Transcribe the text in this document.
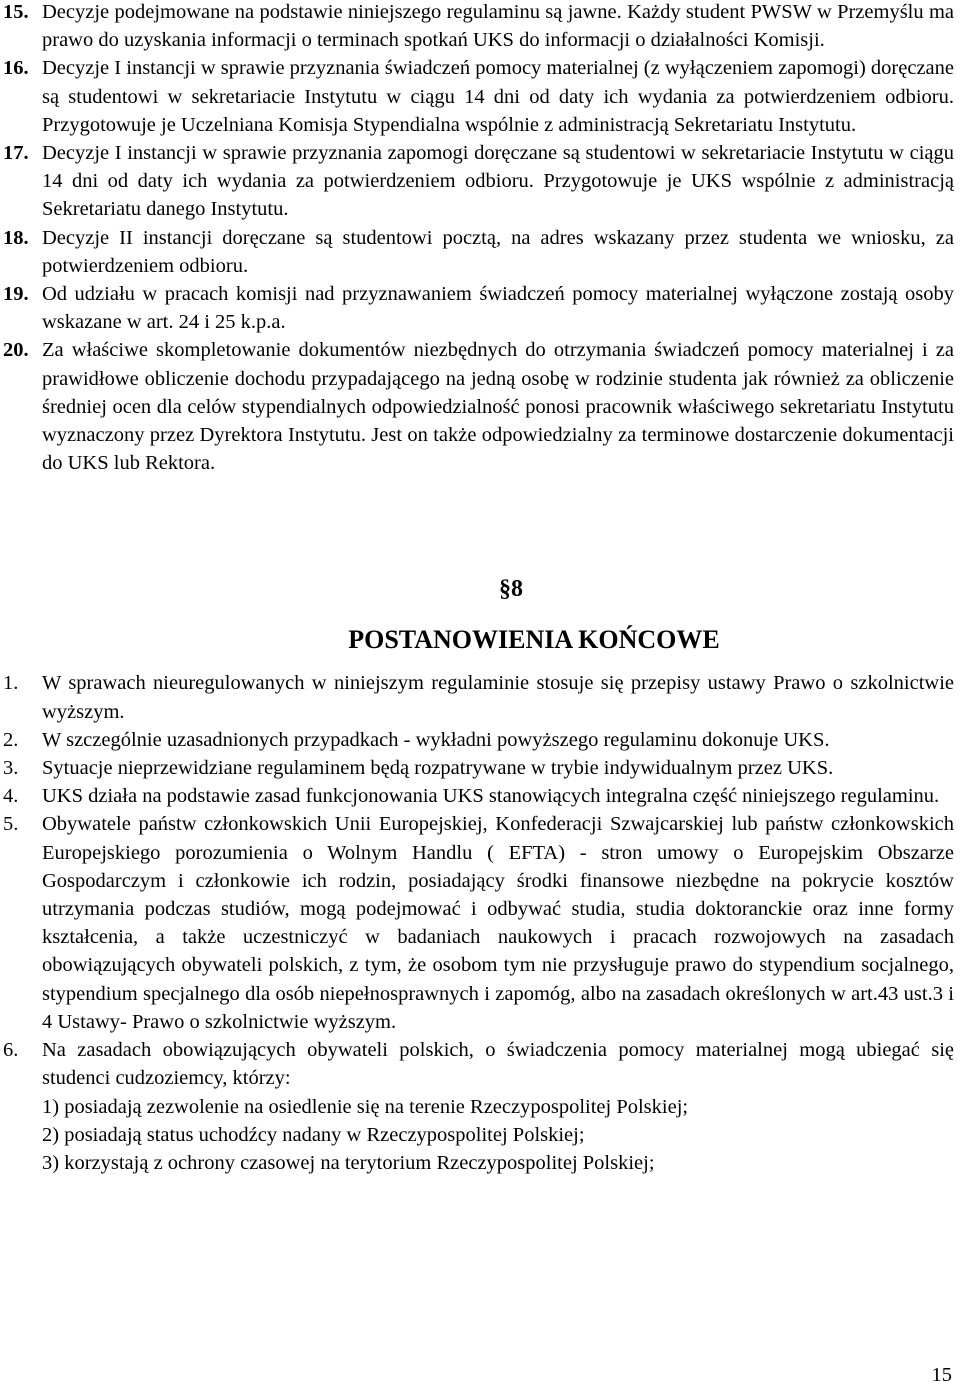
15. Decyzje podejmowane na podstawie niniejszego regulaminu są jawne. Każdy student PWSW w Przemyślu ma prawo do uzyskania informacji o terminach spotkań UKS do informacji o działalności Komisji.
16. Decyzje I instancji w sprawie przyznania świadczeń pomocy materialnej (z wyłączeniem zapomogi) doręczane są studentowi w sekretariacie Instytutu w ciągu 14 dni od daty ich wydania za potwierdzeniem odbioru. Przygotowuje je Uczelniana Komisja Stypendialna wspólnie z administracją Sekretariatu Instytutu.
17. Decyzje I instancji w sprawie przyznania zapomogi doręczane są studentowi w sekretariacie Instytutu w ciągu 14 dni od daty ich wydania za potwierdzeniem odbioru. Przygotowuje je UKS wspólnie z administracją Sekretariatu danego Instytutu.
18. Decyzje II instancji doręczane są studentowi pocztą, na adres wskazany przez studenta we wniosku, za potwierdzeniem odbioru.
19. Od udziału w pracach komisji nad przyznawaniem świadczeń pomocy materialnej wyłączone zostają osoby wskazane w art. 24 i 25 k.p.a.
20. Za właściwe skompletowanie dokumentów niezbędnych do otrzymania świadczeń pomocy materialnej i za prawidłowe obliczenie dochodu przypadającego na jedną osobę w rodzinie studenta jak również za obliczenie średniej ocen dla celów stypendialnych odpowiedzialność ponosi pracownik właściwego sekretariatu Instytutu wyznaczony przez Dyrektora Instytutu. Jest on także odpowiedzialny za terminowe dostarczenie dokumentacji do UKS lub Rektora.
§8
POSTANOWIENIA KOŃCOWE
1. W sprawach nieuregulowanych w niniejszym regulaminie stosuje się przepisy ustawy Prawo o szkolnictwie wyższym.
2. W szczególnie uzasadnionych przypadkach - wykładni powyższego regulaminu dokonuje UKS.
3. Sytuacje nieprzewidziane regulaminem będą rozpatrywane w trybie indywidualnym przez UKS.
4. UKS działa na podstawie zasad funkcjonowania UKS stanowiących integralna część niniejszego regulaminu.
5. Obywatele państw członkowskich Unii Europejskiej, Konfederacji Szwajcarskiej lub państw członkowskich Europejskiego porozumienia o Wolnym Handlu ( EFTA) - stron umowy o Europejskim Obszarze Gospodarczym i członkowie ich rodzin, posiadający środki finansowe niezbędne na pokrycie kosztów utrzymania podczas studiów, mogą podejmować i odbywać studia, studia doktoranckie oraz inne formy kształcenia, a także uczestniczyć w badaniach naukowych i pracach rozwojowych na zasadach obowiązujących obywateli polskich, z tym, że osobom tym nie przysługuje prawo do stypendium socjalnego, stypendium specjalnego dla osób niepełnosprawnych i zapomóg, albo na zasadach określonych w art.43 ust.3 i 4 Ustawy- Prawo o szkolnictwie wyższym.
6. Na zasadach obowiązujących obywateli polskich, o świadczenia pomocy materialnej mogą ubiegać się studenci cudzoziemcy, którzy:
1) posiadają zezwolenie na osiedlenie się na terenie Rzeczypospolitej Polskiej;
2) posiadają status uchodźcy nadany w Rzeczypospolitej Polskiej;
3) korzystają z ochrony czasowej na terytorium Rzeczypospolitej Polskiej;
15
